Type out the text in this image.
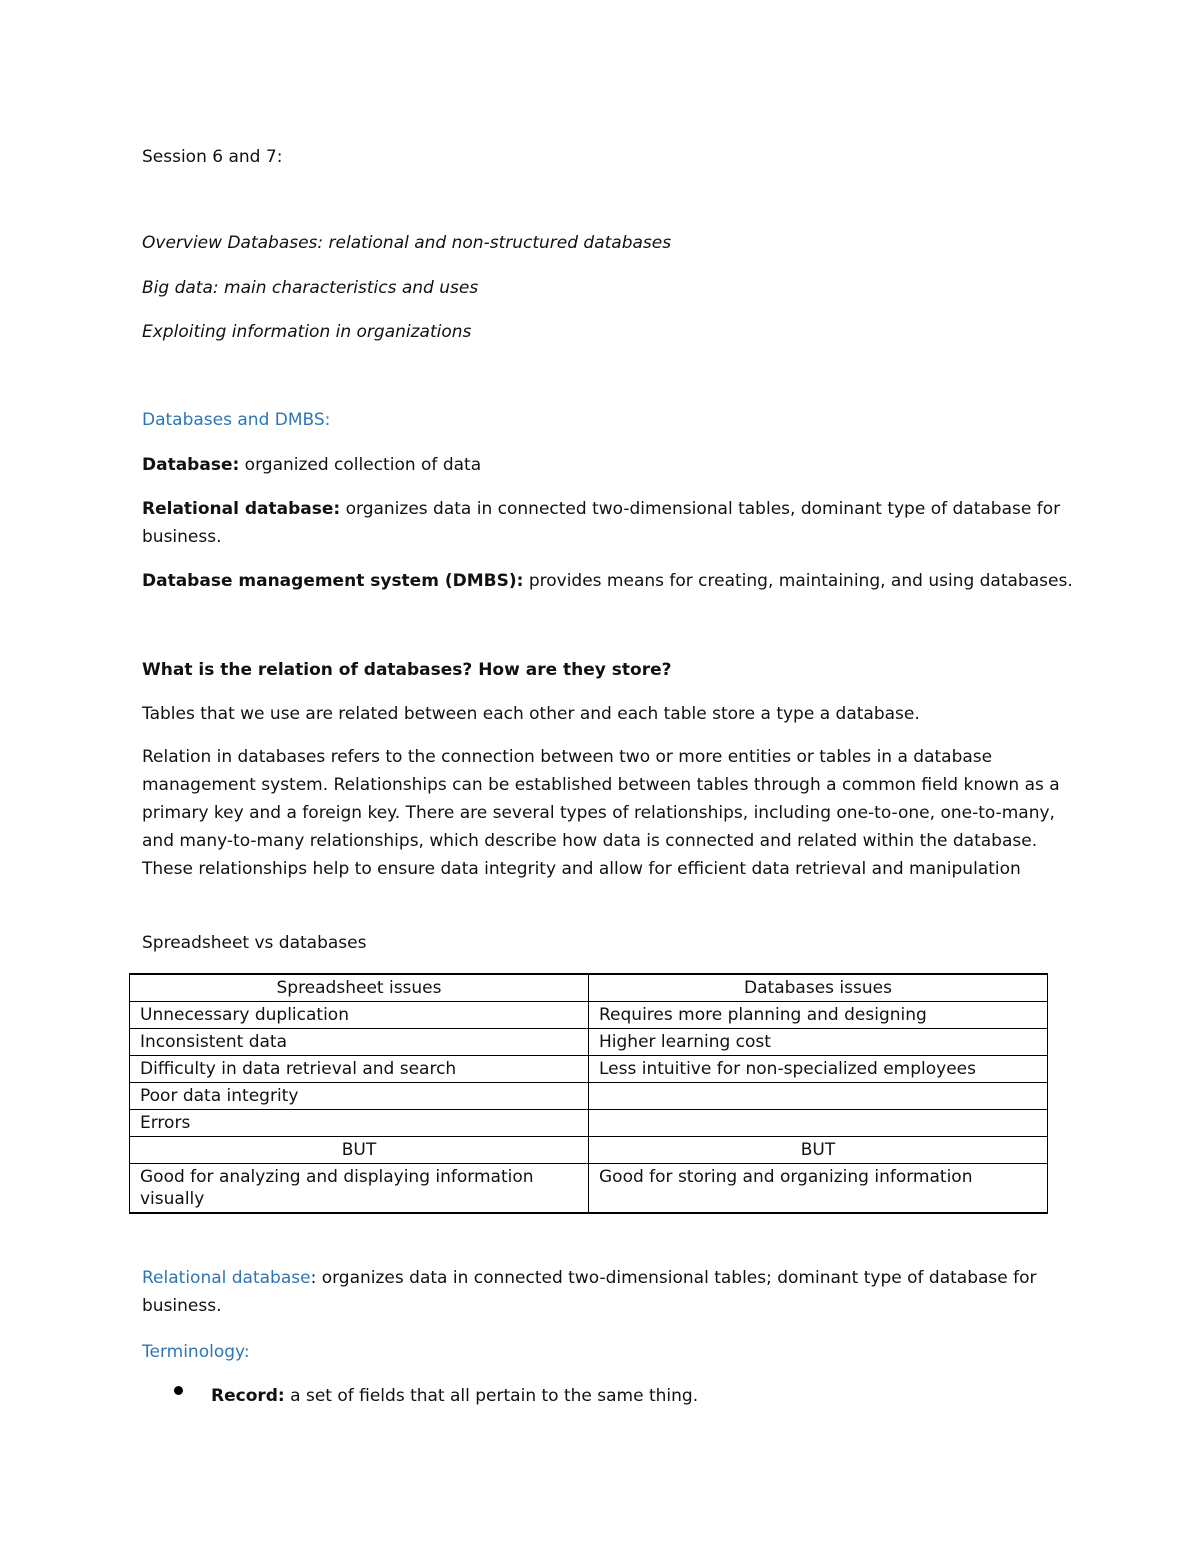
Session 6 and 7:
Overview Databases: relational and non-structured databases
Big data: main characteristics and uses
Exploiting information in organizations
Databases and DMBS:
Database: organized collection of data
Relational database: organizes data in connected two-dimensional tables, dominant type of database for business.
Database management system (DMBS): provides means for creating, maintaining, and using databases.
What is the relation of databases? How are they store?
Tables that we use are related between each other and each table store a type a database.
Relation in databases refers to the connection between two or more entities or tables in a database management system. Relationships can be established between tables through a common field known as a primary key and a foreign key. There are several types of relationships, including one-to-one, one-to-many, and many-to-many relationships, which describe how data is connected and related within the database. These relationships help to ensure data integrity and allow for efficient data retrieval and manipulation
Spreadsheet vs databases
Spreadsheet issues	Databases issues
Unnecessary duplication	Requires more planning and designing
Inconsistent data	Higher learning cost
Difficulty in data retrieval and search	Less intuitive for non-specialized employees
Poor data integrity	
Errors	
BUT	BUT
Good for analyzing and displaying information visually	Good for storing and organizing information
Relational database: organizes data in connected two-dimensional tables; dominant type of database for business.
Terminology:
Record: a set of fields that all pertain to the same thing.
